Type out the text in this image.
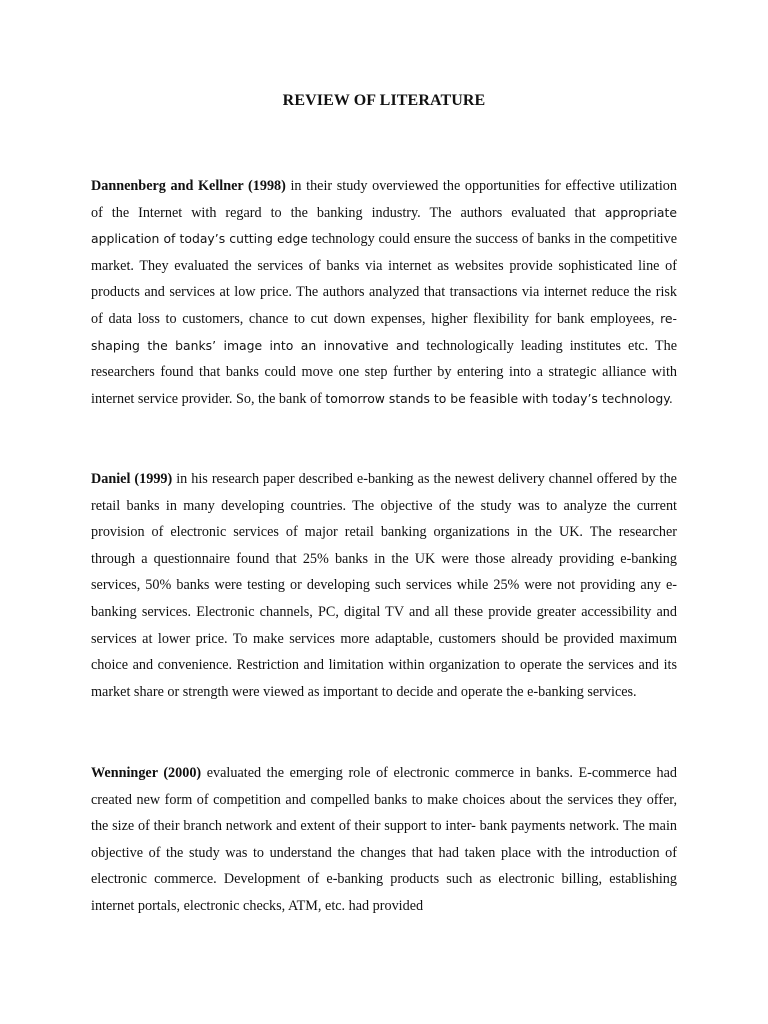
REVIEW OF LITERATURE

Dannenberg and Kellner (1998) in their study overviewed the opportunities for effective utilization of the Internet with regard to the banking industry. The authors evaluated that appropriate application of today’s cutting edge technology could ensure the success of banks in the competitive market. They evaluated the services of banks via internet as websites provide sophisticated line of products and services at low price. The authors analyzed that transactions via internet reduce the risk of data loss to customers, chance to cut down expenses, higher flexibility for bank employees, re-shaping the banks’ image into an innovative and technologically leading institutes etc. The researchers found that banks could move one step further by entering into a strategic alliance with internet service provider. So, the bank of tomorrow stands to be feasible with today’s technology.

Daniel (1999) in his research paper described e-banking as the newest delivery channel offered by the retail banks in many developing countries. The objective of the study was to analyze the current provision of electronic services of major retail banking organizations in the UK. The researcher through a questionnaire found that 25% banks in the UK were those already providing e-banking services, 50% banks were testing or developing such services while 25% were not providing any e-banking services. Electronic channels, PC, digital TV and all these provide greater accessibility and services at lower price. To make services more adaptable, customers should be provided maximum choice and convenience. Restriction and limitation within organization to operate the services and its market share or strength were viewed as important to decide and operate the e-banking services.

Wenninger (2000) evaluated the emerging role of electronic commerce in banks. E-commerce had created new form of competition and compelled banks to make choices about the services they offer, the size of their branch network and extent of their support to inter- bank payments network. The main objective of the study was to understand the changes that had taken place with the introduction of electronic commerce. Development of e-banking products such as electronic billing, establishing internet portals, electronic checks, ATM, etc. had provided
